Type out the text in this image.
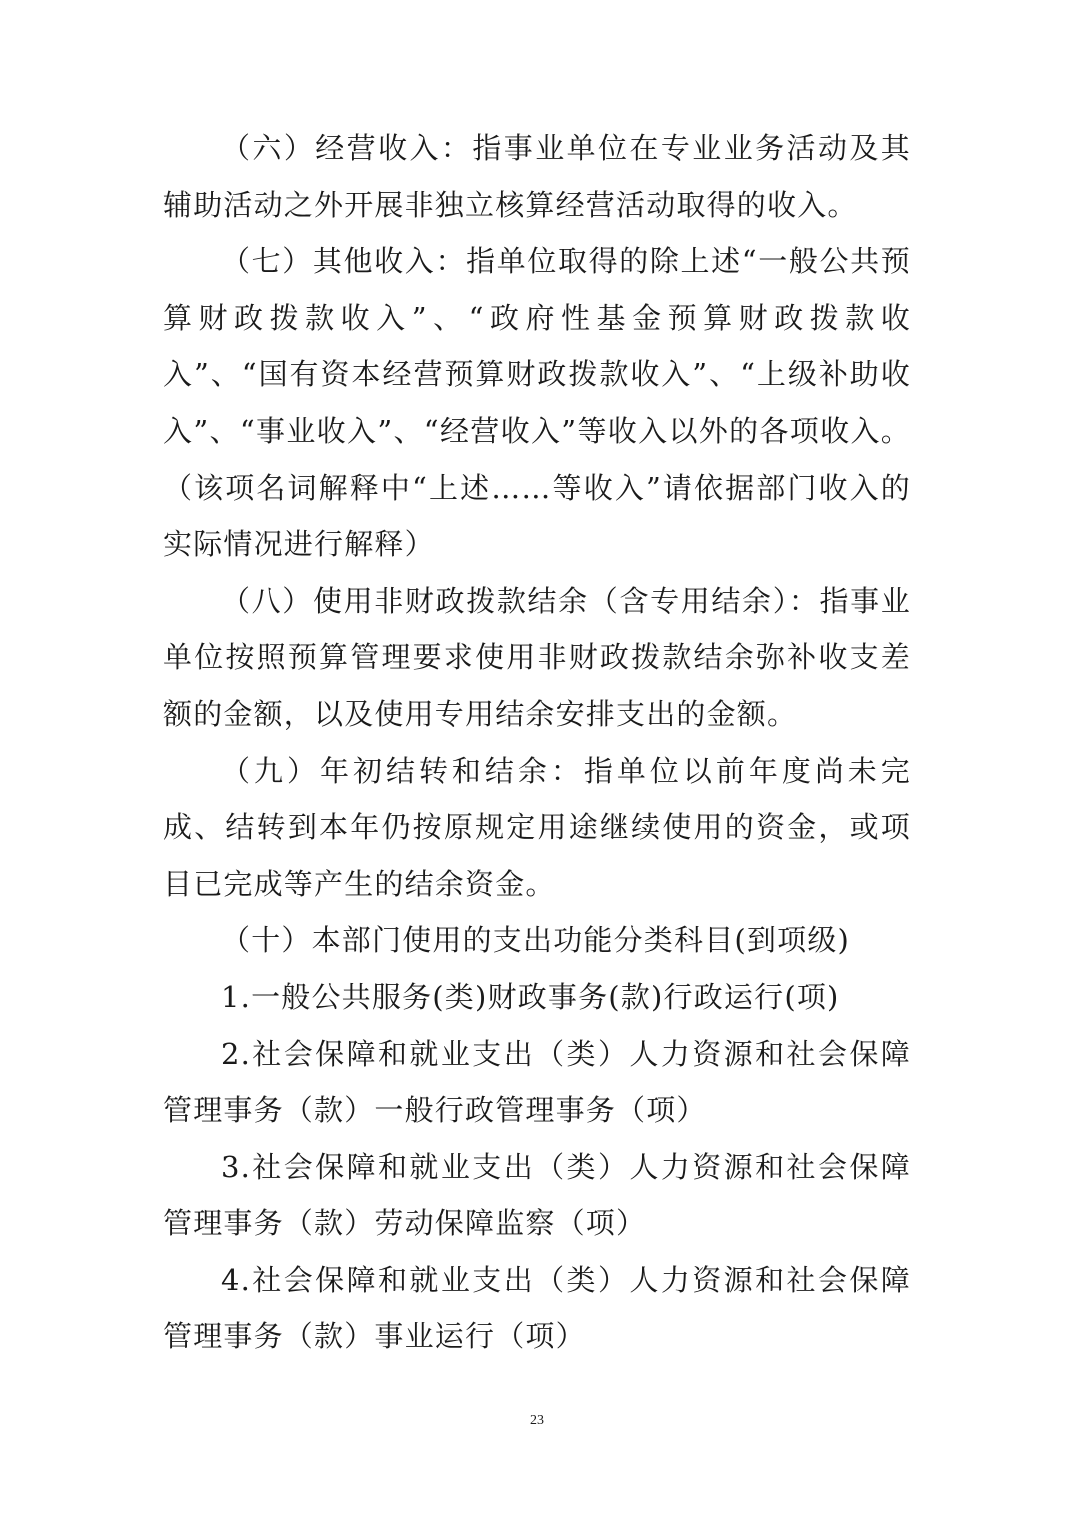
（六）经营收入：指事业单位在专业业务活动及其辅助活动之外开展非独立核算经营活动取得的收入。

（七）其他收入：指单位取得的除上述“一般公共预算财政拨款收入”、“政府性基金预算财政拨款收入”、“国有资本经营预算财政拨款收入”、“上级补助收入”、“事业收入”、“经营收入”等收入以外的各项收入。（该项名词解释中“上述……等收入”请依据部门收入的实际情况进行解释）

（八）使用非财政拨款结余（含专用结余）：指事业单位按照预算管理要求使用非财政拨款结余弥补收支差额的金额，以及使用专用结余安排支出的金额。

（九）年初结转和结余：指单位以前年度尚未完成、结转到本年仍按原规定用途继续使用的资金，或项目已完成等产生的结余资金。

（十）本部门使用的支出功能分类科目(到项级)

1.一般公共服务(类)财政事务(款)行政运行(项)

2.社会保障和就业支出（类）人力资源和社会保障管理事务（款）一般行政管理事务（项）

3.社会保障和就业支出（类）人力资源和社会保障管理事务（款）劳动保障监察（项）

4.社会保障和就业支出（类）人力资源和社会保障管理事务（款）事业运行（项）

23
